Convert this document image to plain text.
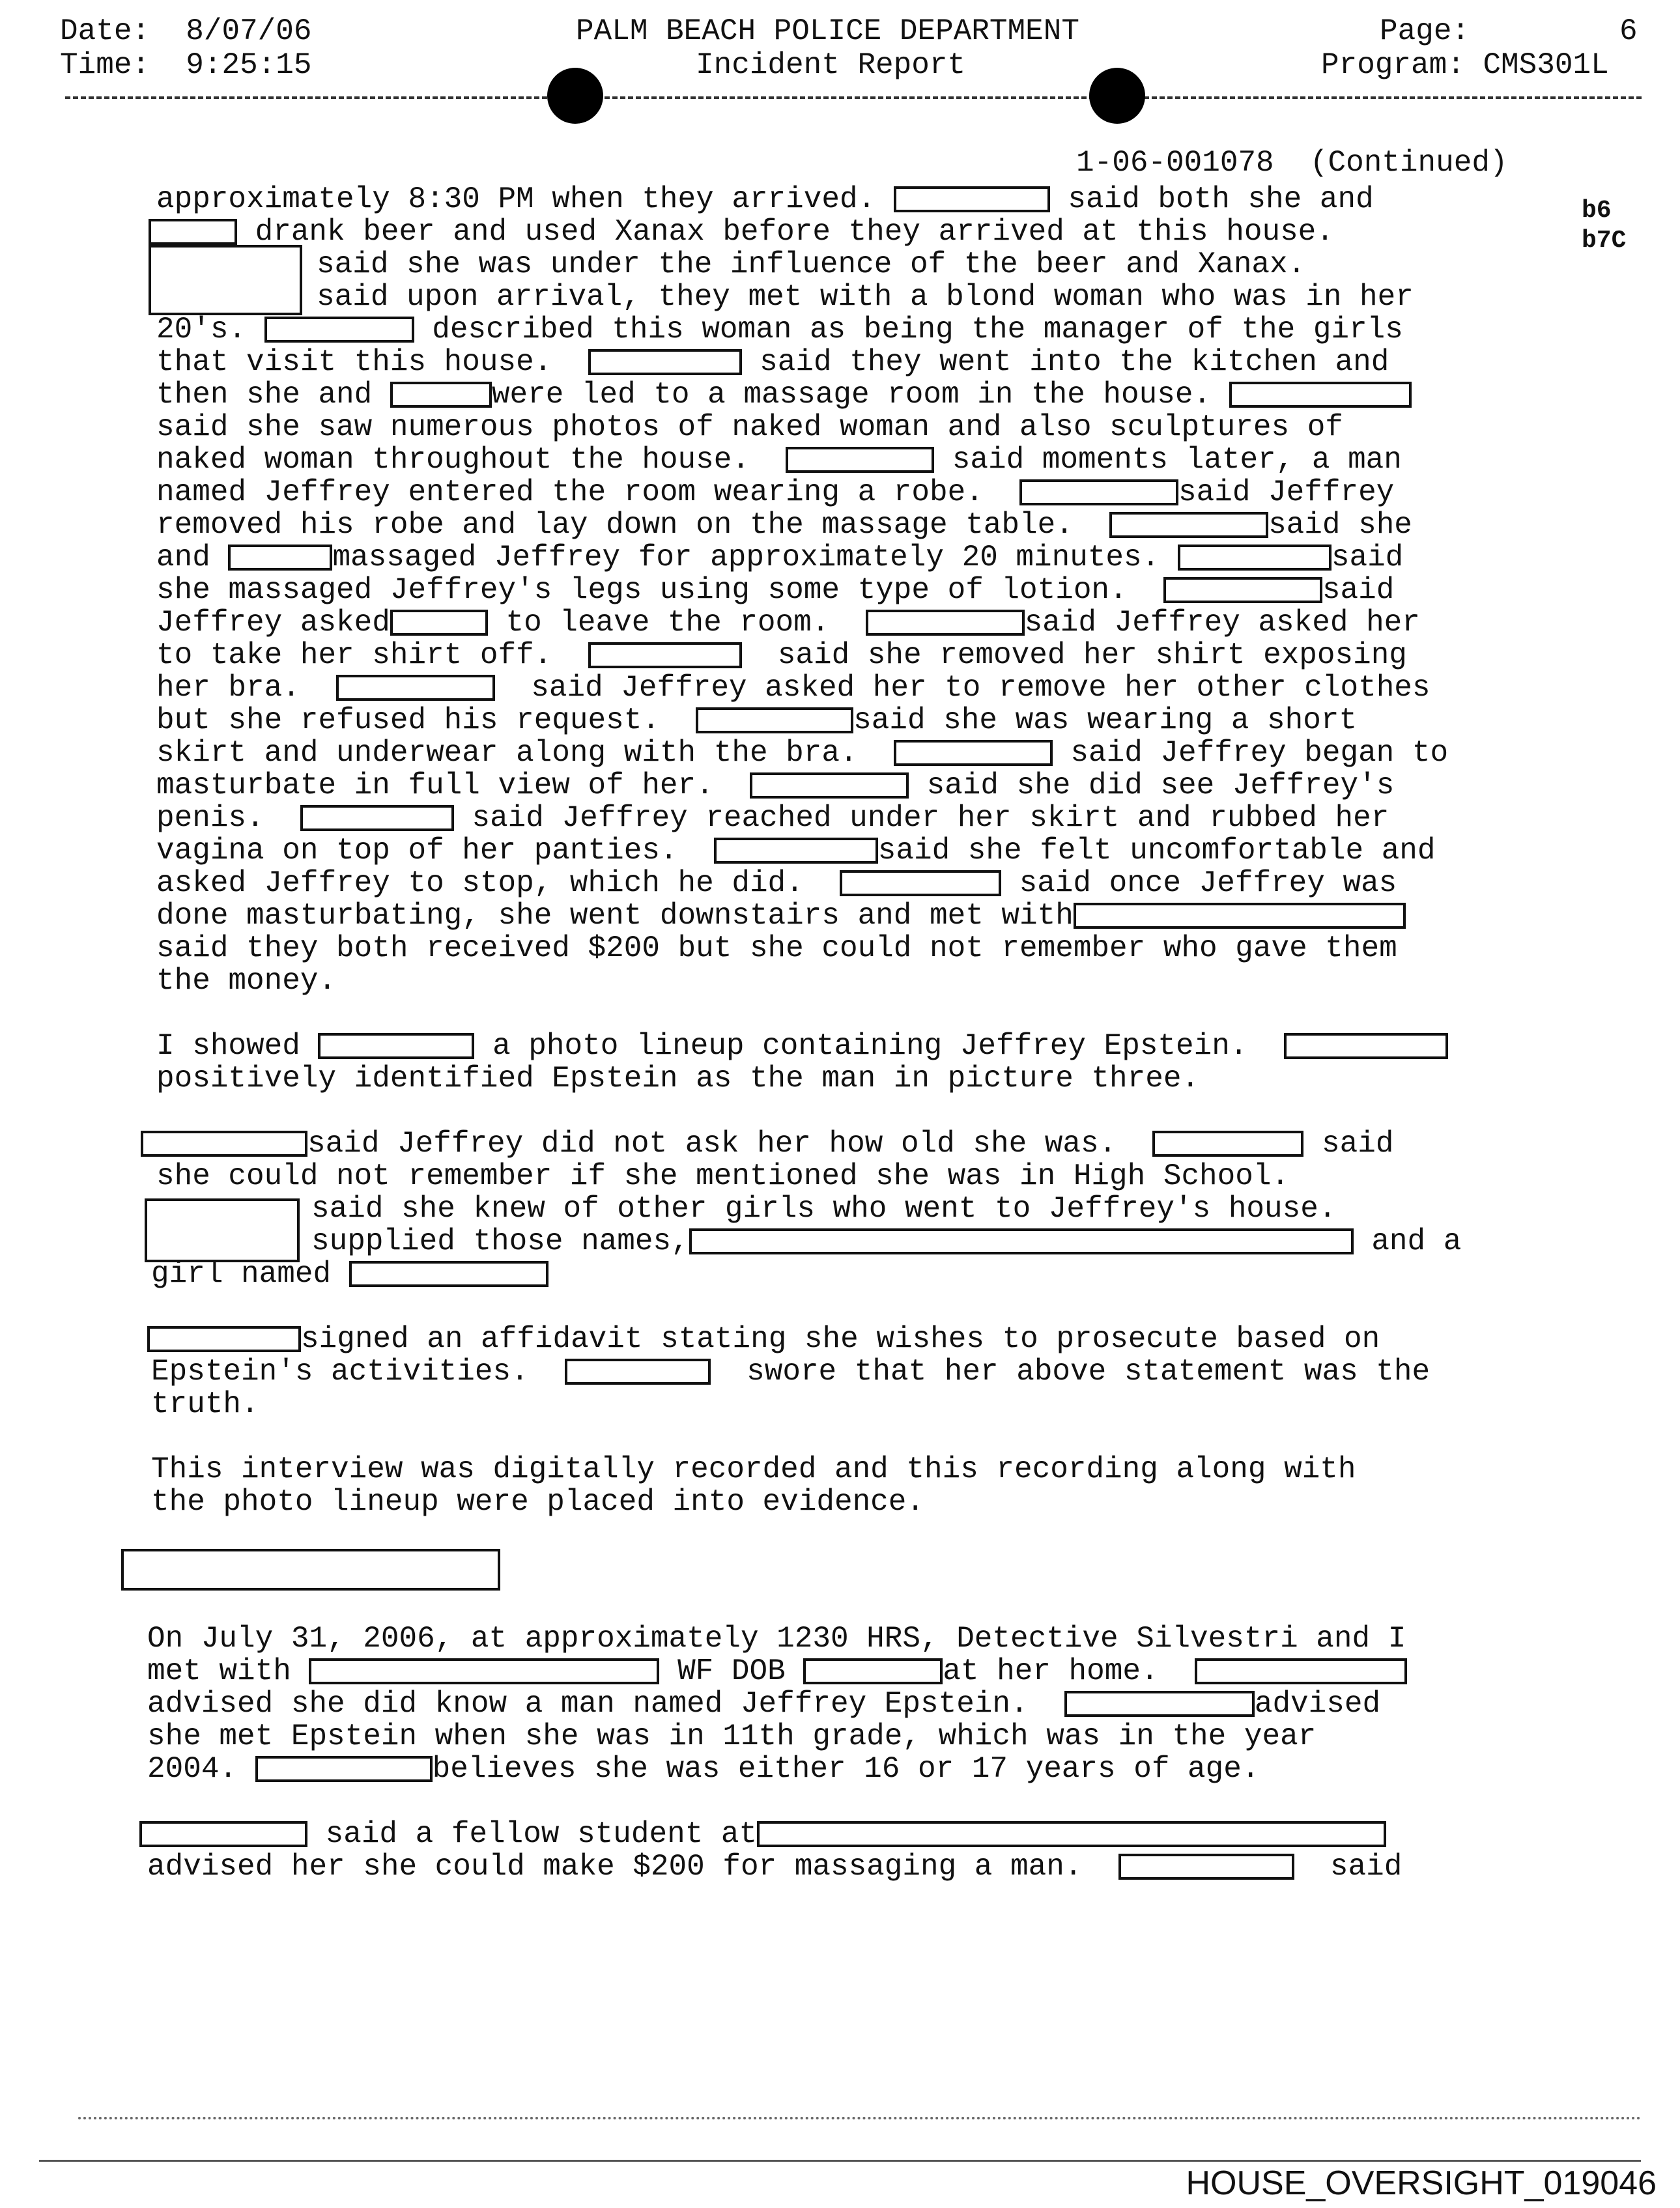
Date: 8/07/06
Time: 9:25:15
PALM BEACH POLICE DEPARTMENT
Incident Report
Page:	6
Program: CMS301L
1-06-001078 (Continued)
b6
b7C
approximately 8:30 PM when they arrived.	said both she and
drank beer and used Xanax before they arrived at this house.
said she was under the influence of the beer and Xanax.
said upon arrival, they met with a blond woman who was in her
20's.	described this woman as being the manager of the girls
that visit this house.	said they went into the kitchen and
then she and	were led to a massage room in the house.
said she saw numerous photos of naked woman and also sculptures of
naked woman throughout the house.	said moments later, a man
named Jeffrey entered the room wearing a robe.	said Jeffrey
removed his robe and lay down on the massage table.	said she
and	massaged Jeffrey for approximately 20 minutes.	said
she massaged Jeffrey's legs using some type of lotion.	said
Jeffrey asked	to leave the room.	said Jeffrey asked her
to take her shirt off.	said she removed her shirt exposing
her bra.	said Jeffrey asked her to remove her other clothes
but she refused his request.	said she was wearing a short
skirt and underwear along with the bra.	said Jeffrey began to
masturbate in full view of her.	said she did see Jeffrey's
penis.	said Jeffrey reached under her skirt and rubbed her
vagina on top of her panties.	said she felt uncomfortable and
asked Jeffrey to stop, which he did.	said once Jeffrey was
done masturbating, she went downstairs and met with
said they both received $200 but she could not remember who gave them
the money.
I showed	a photo lineup containing Jeffrey Epstein.
positively identified Epstein as the man in picture three.
said Jeffrey did not ask her how old she was.	said
she could not remember if she mentioned she was in High School.
said she knew of other girls who went to Jeffrey's house.
supplied those names,	and a
girl named
signed an affidavit stating she wishes to prosecute based on
Epstein's activities.	swore that her above statement was the
truth.
This interview was digitally recorded and this recording along with
the photo lineup were placed into evidence.
On July 31, 2006, at approximately 1230 HRS, Detective Silvestri and I
met with	WF DOB	at her home.
advised she did know a man named Jeffrey Epstein.	advised
she met Epstein when she was in 11th grade, which was in the year
2004.	believes she was either 16 or 17 years of age.
said a fellow student at
advised her she could make $200 for massaging a man.	said
HOUSE_OVERSIGHT_019046
